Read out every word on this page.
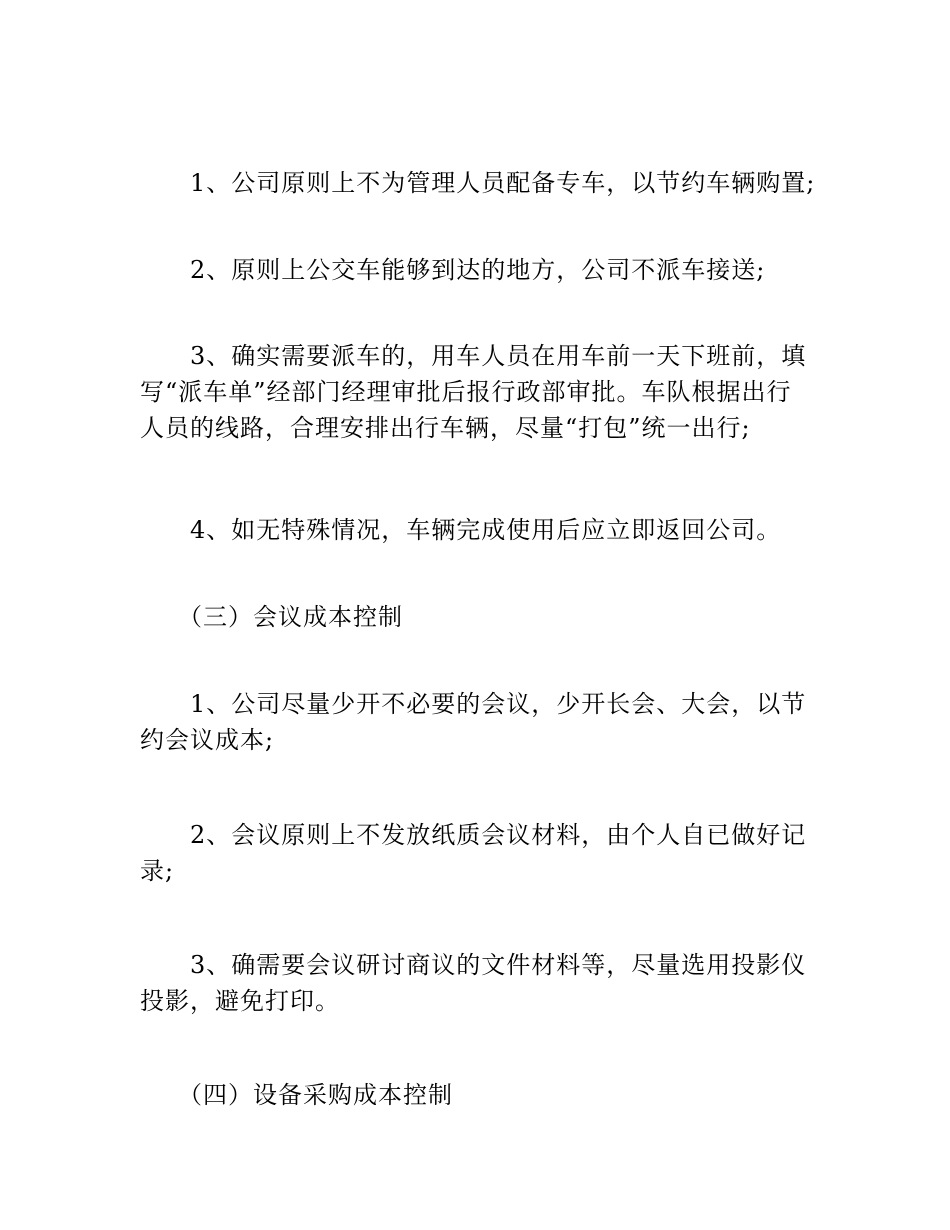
　　1、公司原则上不为管理人员配备专车，以节约车辆购置;

　　2、原则上公交车能够到达的地方，公司不派车接送;

　　3、确实需要派车的，用车人员在用车前一天下班前，填
写“派车单”经部门经理审批后报行政部审批。车队根据出行
人员的线路，合理安排出行车辆，尽量“打包”统一出行;

　　4、如无特殊情况，车辆完成使用后应立即返回公司。

　　（三）会议成本控制

　　1、公司尽量少开不必要的会议，少开长会、大会，以节
约会议成本;

　　2、会议原则上不发放纸质会议材料，由个人自已做好记
录;

　　3、确需要会议研讨商议的文件材料等，尽量选用投影仪
投影，避免打印。

　　（四）设备采购成本控制
